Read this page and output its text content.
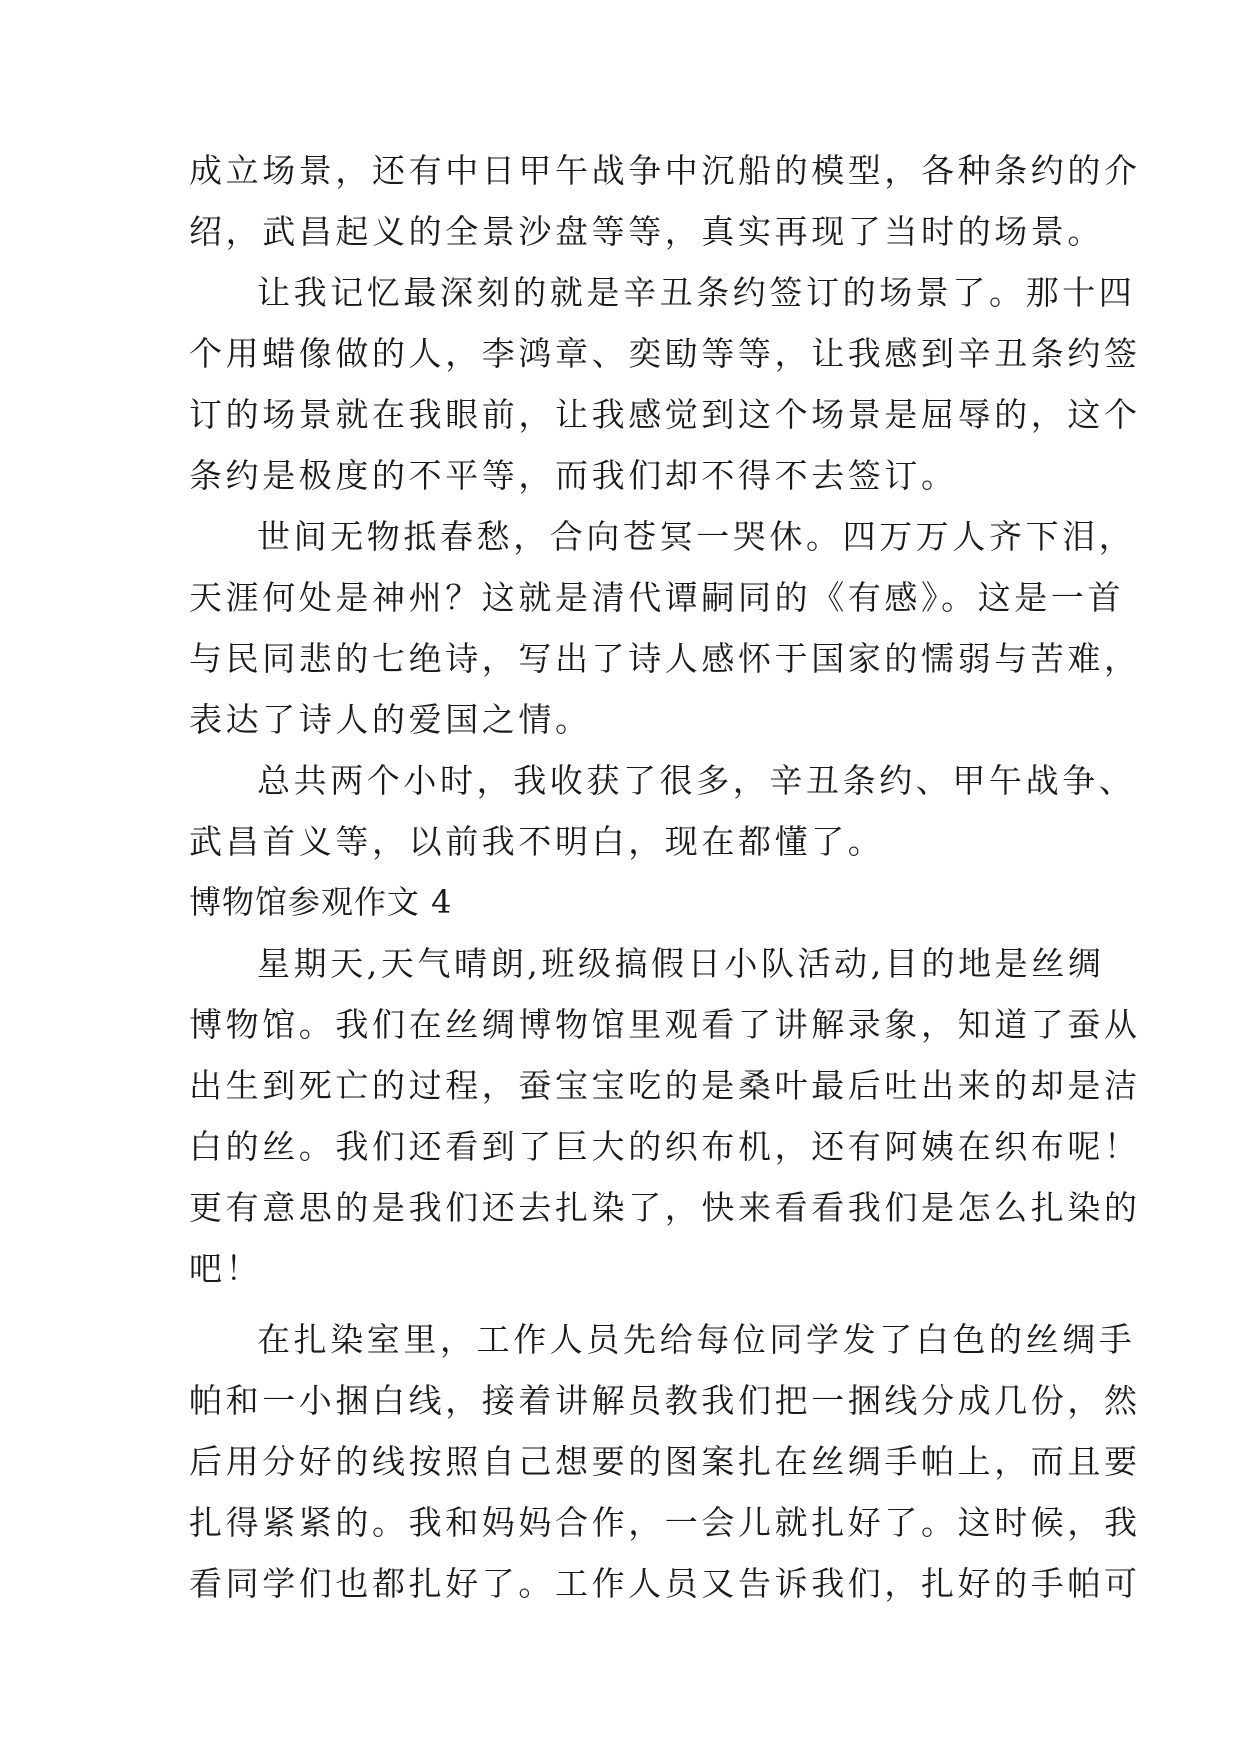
成立场景，还有中日甲午战争中沉船的模型，各种条约的介
绍，武昌起义的全景沙盘等等，真实再现了当时的场景。
让我记忆最深刻的就是辛丑条约签订的场景了。那十四
个用蜡像做的人，李鸿章、奕劻等等，让我感到辛丑条约签
订的场景就在我眼前，让我感觉到这个场景是屈辱的，这个
条约是极度的不平等，而我们却不得不去签订。
世间无物抵春愁，合向苍冥一哭休。四万万人齐下泪，
天涯何处是神州？这就是清代谭嗣同的《有感》。这是一首
与民同悲的七绝诗，写出了诗人感怀于国家的懦弱与苦难，
表达了诗人的爱国之情。
总共两个小时，我收获了很多，辛丑条约、甲午战争、
武昌首义等，以前我不明白，现在都懂了。
博物馆参观作文 4
星期天,天气晴朗,班级搞假日小队活动,目的地是丝绸
博物馆。我们在丝绸博物馆里观看了讲解录象，知道了蚕从
出生到死亡的过程，蚕宝宝吃的是桑叶最后吐出来的却是洁
白的丝。我们还看到了巨大的织布机，还有阿姨在织布呢！
更有意思的是我们还去扎染了，快来看看我们是怎么扎染的
吧！
在扎染室里，工作人员先给每位同学发了白色的丝绸手
帕和一小捆白线，接着讲解员教我们把一捆线分成几份，然
后用分好的线按照自己想要的图案扎在丝绸手帕上，而且要
扎得紧紧的。我和妈妈合作，一会儿就扎好了。这时候，我
看同学们也都扎好了。工作人员又告诉我们，扎好的手帕可
